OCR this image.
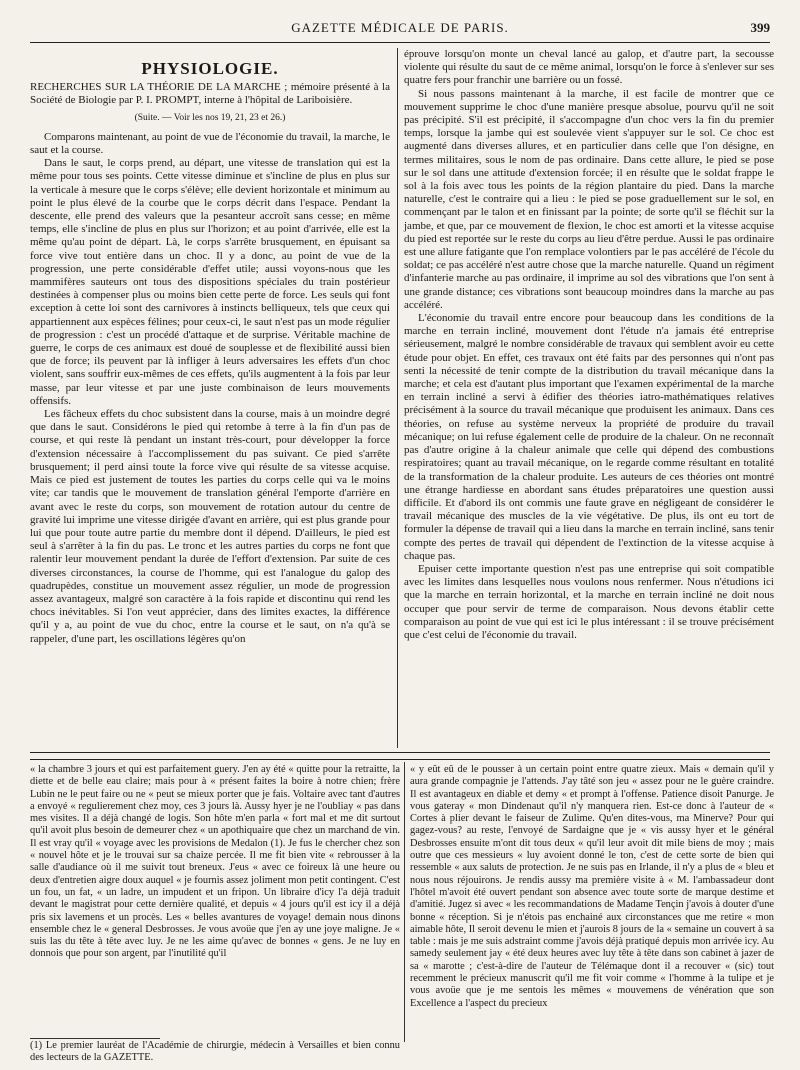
GAZETTE MÉDICALE DE PARIS.	399
PHYSIOLOGIE.

RECHERCHES SUR LA THÉORIE DE LA MARCHE ; mémoire présenté à la Société de Biologie par P. I. PROMPT, interne à l'hôpital de Lariboisière.

(Suite. — Voir les nos 19, 21, 23 et 26.)

Comparons maintenant, au point de vue de l'économie du travail, la marche, le saut et la course.

Dans le saut, le corps prend, au départ, une vitesse de translation qui est la même pour tous ses points. Cette vitesse diminue et s'incline de plus en plus sur la verticale à mesure que le corps s'élève; elle devient horizontale et minimum au point le plus élevé de la courbe que le corps décrit dans l'espace. Pendant la descente, elle prend des valeurs que la pesanteur accroît sans cesse; en même temps, elle s'incline de plus en plus sur l'horizon; et au point d'arrivée, elle est la même qu'au point de départ. Là, le corps s'arrête brusquement, en épuisant sa force vive tout entière dans un choc. Il y a donc, au point de vue de la progression, une perte considérable d'effet utile; aussi voyons-nous que les mammifères sauteurs ont tous des dispositions spéciales du train postérieur destinées à compenser plus ou moins bien cette perte de force. Les seuls qui font exception à cette loi sont des carnivores à instincts belliqueux, tels que ceux qui appartiennent aux espèces félines; pour ceux-ci, le saut n'est pas un mode régulier de progression : c'est un procédé d'attaque et de surprise. Véritable machine de guerre, le corps de ces animaux est doué de souplesse et de flexibilité aussi bien que de force; ils peuvent par là infliger à leurs adversaires les effets d'un choc violent, sans souffrir eux-mêmes de ces effets, qu'ils augmentent à la fois par leur masse, par leur vitesse et par une juste combinaison de leurs mouvements offensifs.

Les fâcheux effets du choc subsistent dans la course, mais à un moindre degré que dans le saut. Considérons le pied qui retombe à terre à la fin d'un pas de course, et qui reste là pendant un instant très-court, pour développer la force d'extension nécessaire à l'accomplissement du pas suivant. Ce pied s'arrête brusquement; il perd ainsi toute la force vive qui résulte de sa vitesse acquise. Mais ce pied est justement de toutes les parties du corps celle qui va le moins vite; car tandis que le mouvement de translation général l'emporte d'arrière en avant avec le reste du corps, son mouvement de rotation autour du centre de gravité lui imprime une vitesse dirigée d'avant en arrière, qui est plus grande pour lui que pour toute autre partie du membre dont il dépend. D'ailleurs, le pied est seul à s'arrêter à la fin du pas. Le tronc et les autres parties du corps ne font que ralentir leur mouvement pendant la durée de l'effort d'extension. Par suite de ces diverses circonstances, la course de l'homme, qui est l'analogue du galop des quadrupèdes, constitue un mouvement assez régulier, un mode de progression assez avantageux, malgré son caractère à la fois rapide et discontinu qui rend les chocs inévitables. Si l'on veut apprécier, dans des limites exactes, la différence qu'il y a, au point de vue du choc, entre la course et le saut, on n'a qu'à se rappeler, d'une part, les oscillations légères qu'on

éprouve lorsqu'on monte un cheval lancé au galop, et d'autre part, la secousse violente qui résulte du saut de ce même animal, lorsqu'on le force à s'enlever sur ses quatre fers pour franchir une barrière ou un fossé.

Si nous passons maintenant à la marche, il est facile de montrer que ce mouvement supprime le choc d'une manière presque absolue, pourvu qu'il ne soit pas précipité. S'il est précipité, il s'accompagne d'un choc vers la fin du premier temps, lorsque la jambe qui est soulevée vient s'appuyer sur le sol. Ce choc est augmenté dans diverses allures, et en particulier dans celle que l'on désigne, en termes militaires, sous le nom de pas ordinaire. Dans cette allure, le pied se pose sur le sol dans une attitude d'extension forcée; il en résulte que le soldat frappe le sol à la fois avec tous les points de la région plantaire du pied. Dans la marche naturelle, c'est le contraire qui a lieu : le pied se pose graduellement sur le sol, en commençant par le talon et en finissant par la pointe; de sorte qu'il se fléchit sur la jambe, et que, par ce mouvement de flexion, le choc est amorti et la vitesse acquise du pied est reportée sur le reste du corps au lieu d'être perdue. Aussi le pas ordinaire est une allure fatigante que l'on remplace volontiers par le pas accéléré de l'école du soldat; ce pas accéléré n'est autre chose que la marche naturelle. Quand un régiment d'infanterie marche au pas ordinaire, il imprime au sol des vibrations que l'on sent à une grande distance; ces vibrations sont beaucoup moindres dans la marche au pas accéléré.

L'économie du travail entre encore pour beaucoup dans les conditions de la marche en terrain incliné, mouvement dont l'étude n'a jamais été entreprise sérieusement, malgré le nombre considérable de travaux qui semblent avoir eu cette étude pour objet. En effet, ces travaux ont été faits par des personnes qui n'ont pas senti la nécessité de tenir compte de la distribution du travail mécanique dans la marche; et cela est d'autant plus important que l'examen expérimental de la marche en terrain incliné a servi à édifier des théories iatro-mathématiques relatives précisément à la source du travail mécanique que produisent les animaux. Dans ces théories, on refuse au système nerveux la propriété de produire du travail mécanique; on lui refuse également celle de produire de la chaleur. On ne reconnaît pas d'autre origine à la chaleur animale que celle qui dépend des combustions respiratoires; quant au travail mécanique, on le regarde comme résultant en totalité de la transformation de la chaleur produite. Les auteurs de ces théories ont montré une étrange hardiesse en abordant sans études préparatoires une question aussi difficile. Et d'abord ils ont commis une faute grave en négligeant de considérer le travail mécanique des muscles de la vie végétative. De plus, ils ont eu tort de formuler la dépense de travail qui a lieu dans la marche en terrain incliné, sans tenir compte des pertes de travail qui dépendent de l'extinction de la vitesse acquise à chaque pas.

Epuiser cette importante question n'est pas une entreprise qui soit compatible avec les limites dans lesquelles nous voulons nous renfermer. Nous n'étudions ici que la marche en terrain horizontal, et la marche en terrain incliné ne doit nous occuper que pour servir de terme de comparaison. Nous devons établir cette comparaison au point de vue qui est ici le plus intéressant : il se trouve précisément que c'est celui de l'économie du travail.

« la chambre 3 jours et qui est parfaitement guery. J'en ay été « quitte pour la retraitte, la diette et de belle eau claire; mais pour à « présent faites la boire à notre chien; frère Lubin ne le peut faire ou ne « peut se mieux porter que je fais. Voltaire avec tant d'autres a envoyé « regulierement chez moy, ces 3 jours là. Aussy hyer je ne l'oubliay « pas dans mes visites. Il a déjà changé de logis. Son hôte m'en parla « fort mal et me dit surtout qu'il avoit plus besoin de demeurer chez « un apothiquaire que chez un marchand de vin. Il est vray qu'il « voyage avec les provisions de Medalon (1). Je fus le chercher chez son « nouvel hôte et je le trouvai sur sa chaize percée. Il me fit bien vite « rebrousser à la salle d'audiance où il me suivit tout breneux. J'eus « avec ce foireux là une heure ou deux d'entretien aigre doux auquel « je fournis assez joliment mon petit contingent. C'est un fou, un fat, « un ladre, un impudent et un fripon. Un libraire d'icy l'a déjà traduit devant le magistrat pour cette dernière qualité, et depuis « 4 jours qu'il est icy il a déjà pris six lavemens et un procès. Les « belles avantures de voyage! demain nous dinons ensemble chez le « general Desbrosses. Je vous avoüe que j'en ay une joye maligne. Je « suis las du tête à tête avec luy. Je ne les aime qu'avec de bonnes « gens. Je ne luy en donnois que pour son argent, par l'inutilité qu'il

« y eût eû de le pousser à un certain point entre quatre zieux. Mais « demain qu'il y aura grande compagnie je l'attends. J'ay tâté son jeu « assez pour ne le guère craindre. Il est avantageux en diable et demy « et prompt à l'offense. Patience disoit Panurge. Je vous gateray « mon Dindenaut qu'il n'y manquera rien. Est-ce donc à l'auteur de « Cortes à plier devant le faiseur de Zulime. Qu'en dites-vous, ma Minerve? Pour qui gagez-vous? au reste, l'envoyé de Sardaigne que je « vis aussy hyer et le général Desbrosses ensuite m'ont dit tous deux « qu'il leur avoit dit mile biens de moy ; mais outre que ces messieurs « luy avoient donné le ton, c'est de cette sorte de bien qui ressemble « aux saluts de protection. Je ne suis pas en Irlande, il n'y a plus de « bleu et nous nous réjouirons. Je rendis aussy ma première visite à « M. l'ambassadeur dont l'hôtel m'avoit été ouvert pendant son absence avec toute sorte de marque destime et d'amitié. Jugez si avec « les recommandations de Madame Tençin j'avois à douter d'une bonne « réception. Si je n'étois pas enchainé aux circonstances que me retire « mon aimable hôte, Il seroit devenu le mien et j'aurois 8 jours de la « semaine un couvert à sa table : mais je me suis adstraint comme j'avois déjà pratiqué depuis mon arrivée icy. Au samedy seulement jay « été deux heures avec luy tête à tête dans son cabinet à jazer de sa « marotte ; c'est-à-dire de l'auteur de Télémaque dont il a recouver « (sic) tout recemment le précieux manuscrit qu'il me fit voir comme « l'homme à la tulipe et je vous avoüe que je me sentois les mêmes « mouvemens de vénération que son Excellence a l'aspect du precieux

(1) Le premier lauréat de l'Académie de chirurgie, médecin à Versailles et bien connu des lecteurs de la GAZETTE.
